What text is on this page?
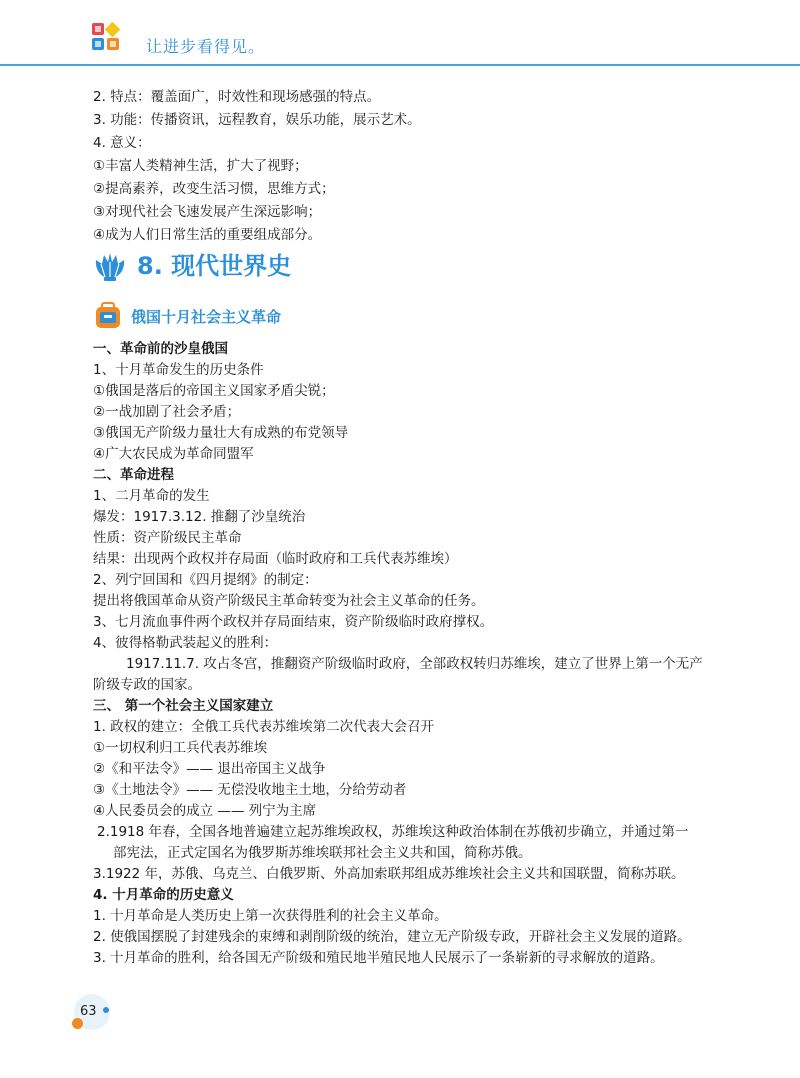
让进步看得见。
2. 特点：覆盖面广，时效性和现场感强的特点。
3. 功能：传播资讯，远程教育，娱乐功能，展示艺术。
4. 意义：
①丰富人类精神生活，扩大了视野；
②提高素养，改变生活习惯，思维方式；
③对现代社会飞速发展产生深远影响；
④成为人们日常生活的重要组成部分。
8. 现代世界史
俄国十月社会主义革命
一、革命前的沙皇俄国
1、十月革命发生的历史条件
①俄国是落后的帝国主义国家矛盾尖锐；
②一战加剧了社会矛盾；
③俄国无产阶级力量壮大有成熟的布党领导
④广大农民成为革命同盟军
二、革命进程
1、二月革命的发生
爆发：1917.3.12. 推翻了沙皇统治
性质：资产阶级民主革命
结果：出现两个政权并存局面（临时政府和工兵代表苏维埃）
2、列宁回国和《四月提纲》的制定：
提出将俄国革命从资产阶级民主革命转变为社会主义革命的任务。
3、七月流血事件两个政权并存局面结束，资产阶级临时政府撑权。
4、彼得格勒武装起义的胜利：
1917.11.7. 攻占冬宫，推翻资产阶级临时政府，全部政权转归苏维埃，建立了世界上第一个无产
阶级专政的国家。
三、 第一个社会主义国家建立
1. 政权的建立：全俄工兵代表苏维埃第二次代表大会召开
①一切权利归工兵代表苏维埃
②《和平法令》—— 退出帝国主义战争
③《土地法令》—— 无偿没收地主土地，分给劳动者
④人民委员会的成立 —— 列宁为主席
2.1918 年春，全国各地普遍建立起苏维埃政权，苏维埃这种政治体制在苏俄初步确立，并通过第一
部宪法，正式定国名为俄罗斯苏维埃联邦社会主义共和国，简称苏俄。
3.1922 年，苏俄、乌克兰、白俄罗斯、外高加索联邦组成苏维埃社会主义共和国联盟，简称苏联。
4. 十月革命的历史意义
1. 十月革命是人类历史上第一次获得胜利的社会主义革命。
2. 使俄国摆脱了封建残余的束缚和剥削阶级的统治，建立无产阶级专政，开辟社会主义发展的道路。
3. 十月革命的胜利，给各国无产阶级和殖民地半殖民地人民展示了一条崭新的寻求解放的道路。
63
